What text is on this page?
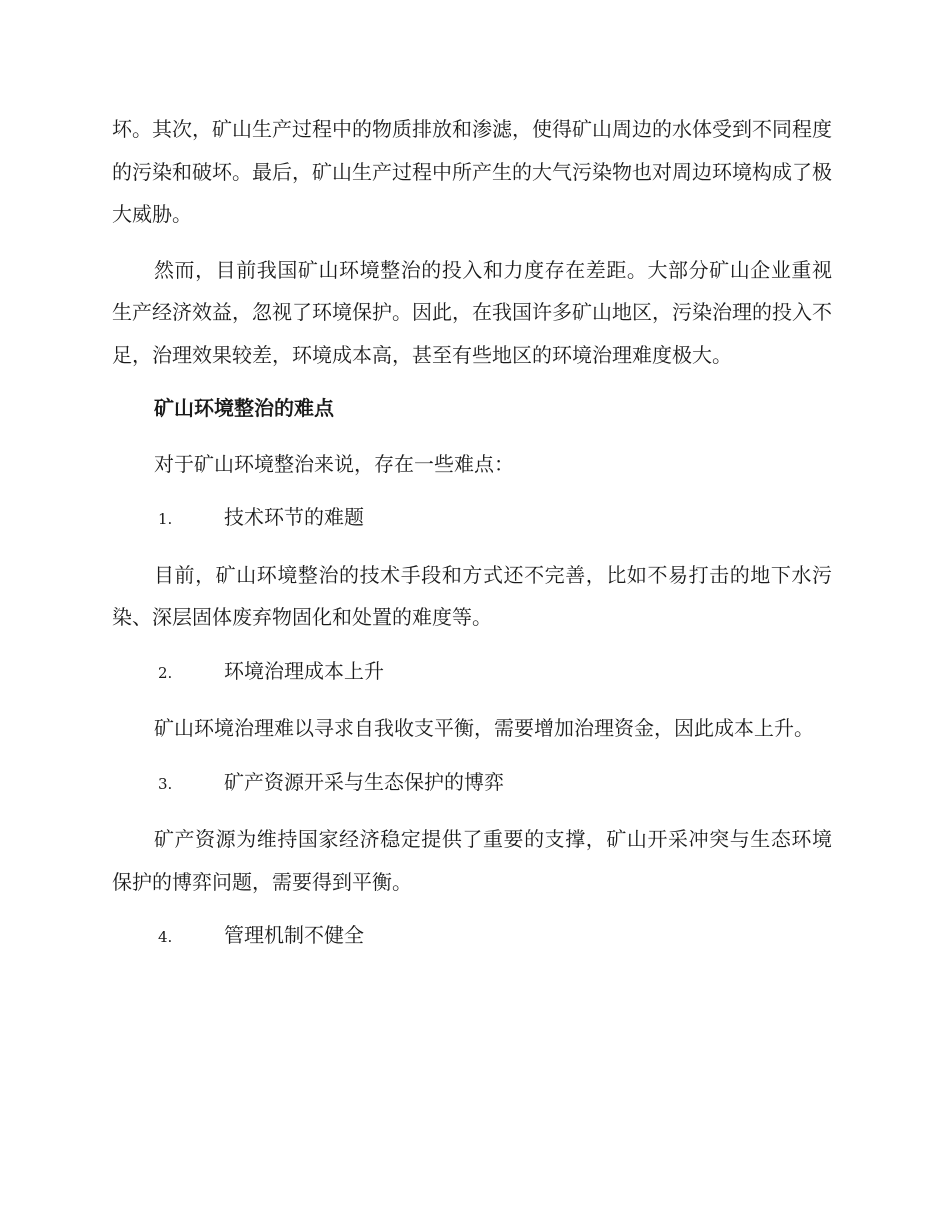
坏。其次，矿山生产过程中的物质排放和渗滤，使得矿山周边的水体受到不同程度的污染和破坏。最后，矿山生产过程中所产生的大气污染物也对周边环境构成了极大威胁。

然而，目前我国矿山环境整治的投入和力度存在差距。大部分矿山企业重视生产经济效益，忽视了环境保护。因此，在我国许多矿山地区，污染治理的投入不足，治理效果较差，环境成本高，甚至有些地区的环境治理难度极大。

矿山环境整治的难点

对于矿山环境整治来说，存在一些难点：

1.	技术环节的难题

目前，矿山环境整治的技术手段和方式还不完善，比如不易打击的地下水污染、深层固体废弃物固化和处置的难度等。

2.	环境治理成本上升

矿山环境治理难以寻求自我收支平衡，需要增加治理资金，因此成本上升。

3.	矿产资源开采与生态保护的博弈

矿产资源为维持国家经济稳定提供了重要的支撑，矿山开采冲突与生态环境保护的博弈问题，需要得到平衡。

4.	管理机制不健全
